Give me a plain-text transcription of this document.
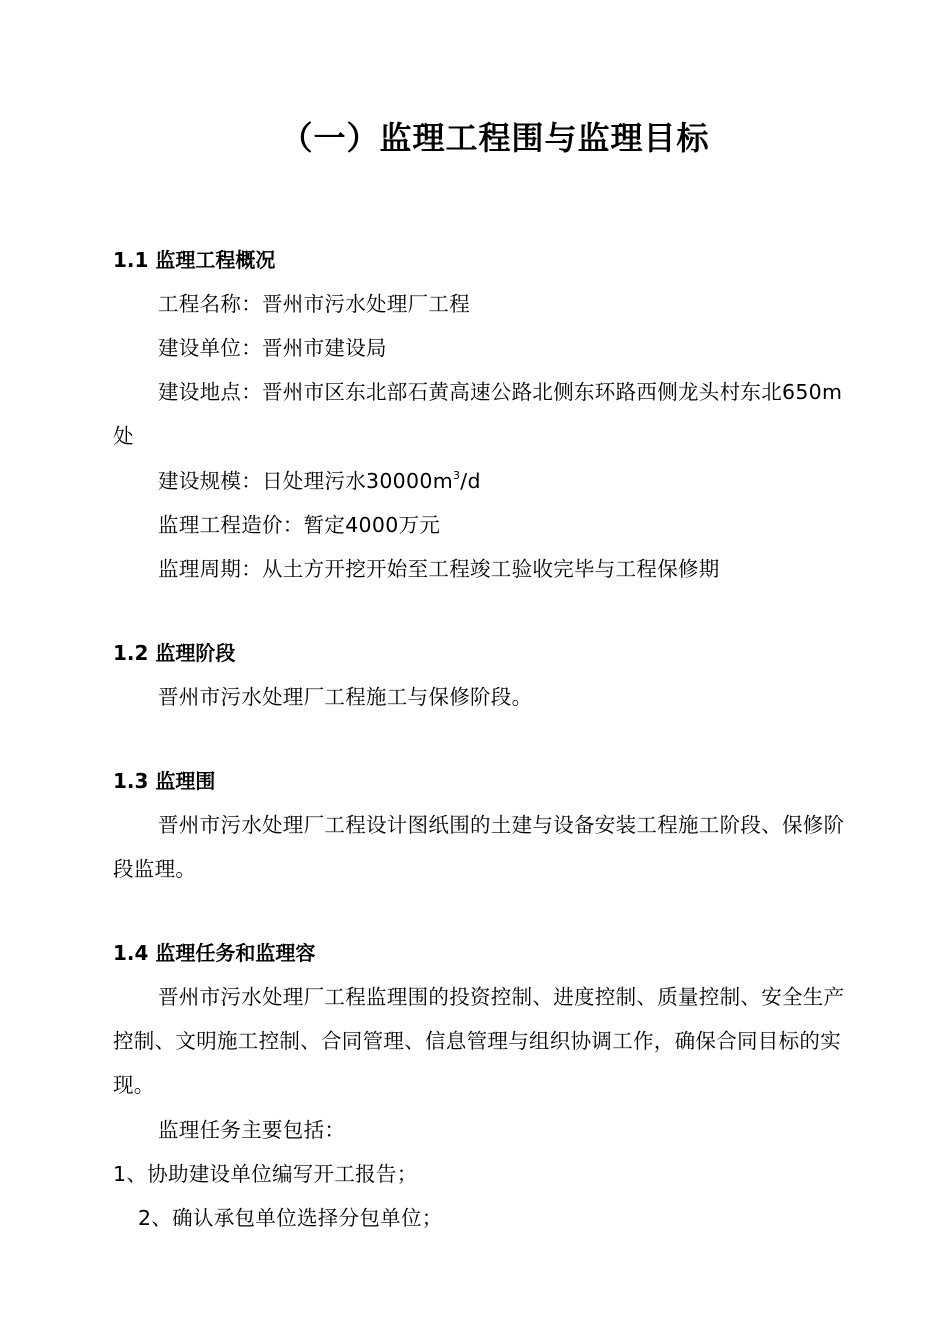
（一）监理工程围与监理目标
1.1 监理工程概况
工程名称：晋州市污水处理厂工程
建设单位：晋州市建设局
建设地点：晋州市区东北部石黄高速公路北侧东环路西侧龙头村东北650m处
建设规模：日处理污水$30000m^3/d$
监理工程造价：暂定4000万元
监理周期：从土方开挖开始至工程竣工验收完毕与工程保修期
1.2 监理阶段
晋州市污水处理厂工程施工与保修阶段。
1.3 监理围
晋州市污水处理厂工程设计图纸围的土建与设备安装工程施工阶段、保修阶段监理。
1.4 监理任务和监理容
晋州市污水处理厂工程监理围的投资控制、进度控制、质量控制、安全生产控制、文明施工控制、合同管理、信息管理与组织协调工作，确保合同目标的实现。
监理任务主要包括：
1、协助建设单位编写开工报告；
2、确认承包单位选择分包单位；
